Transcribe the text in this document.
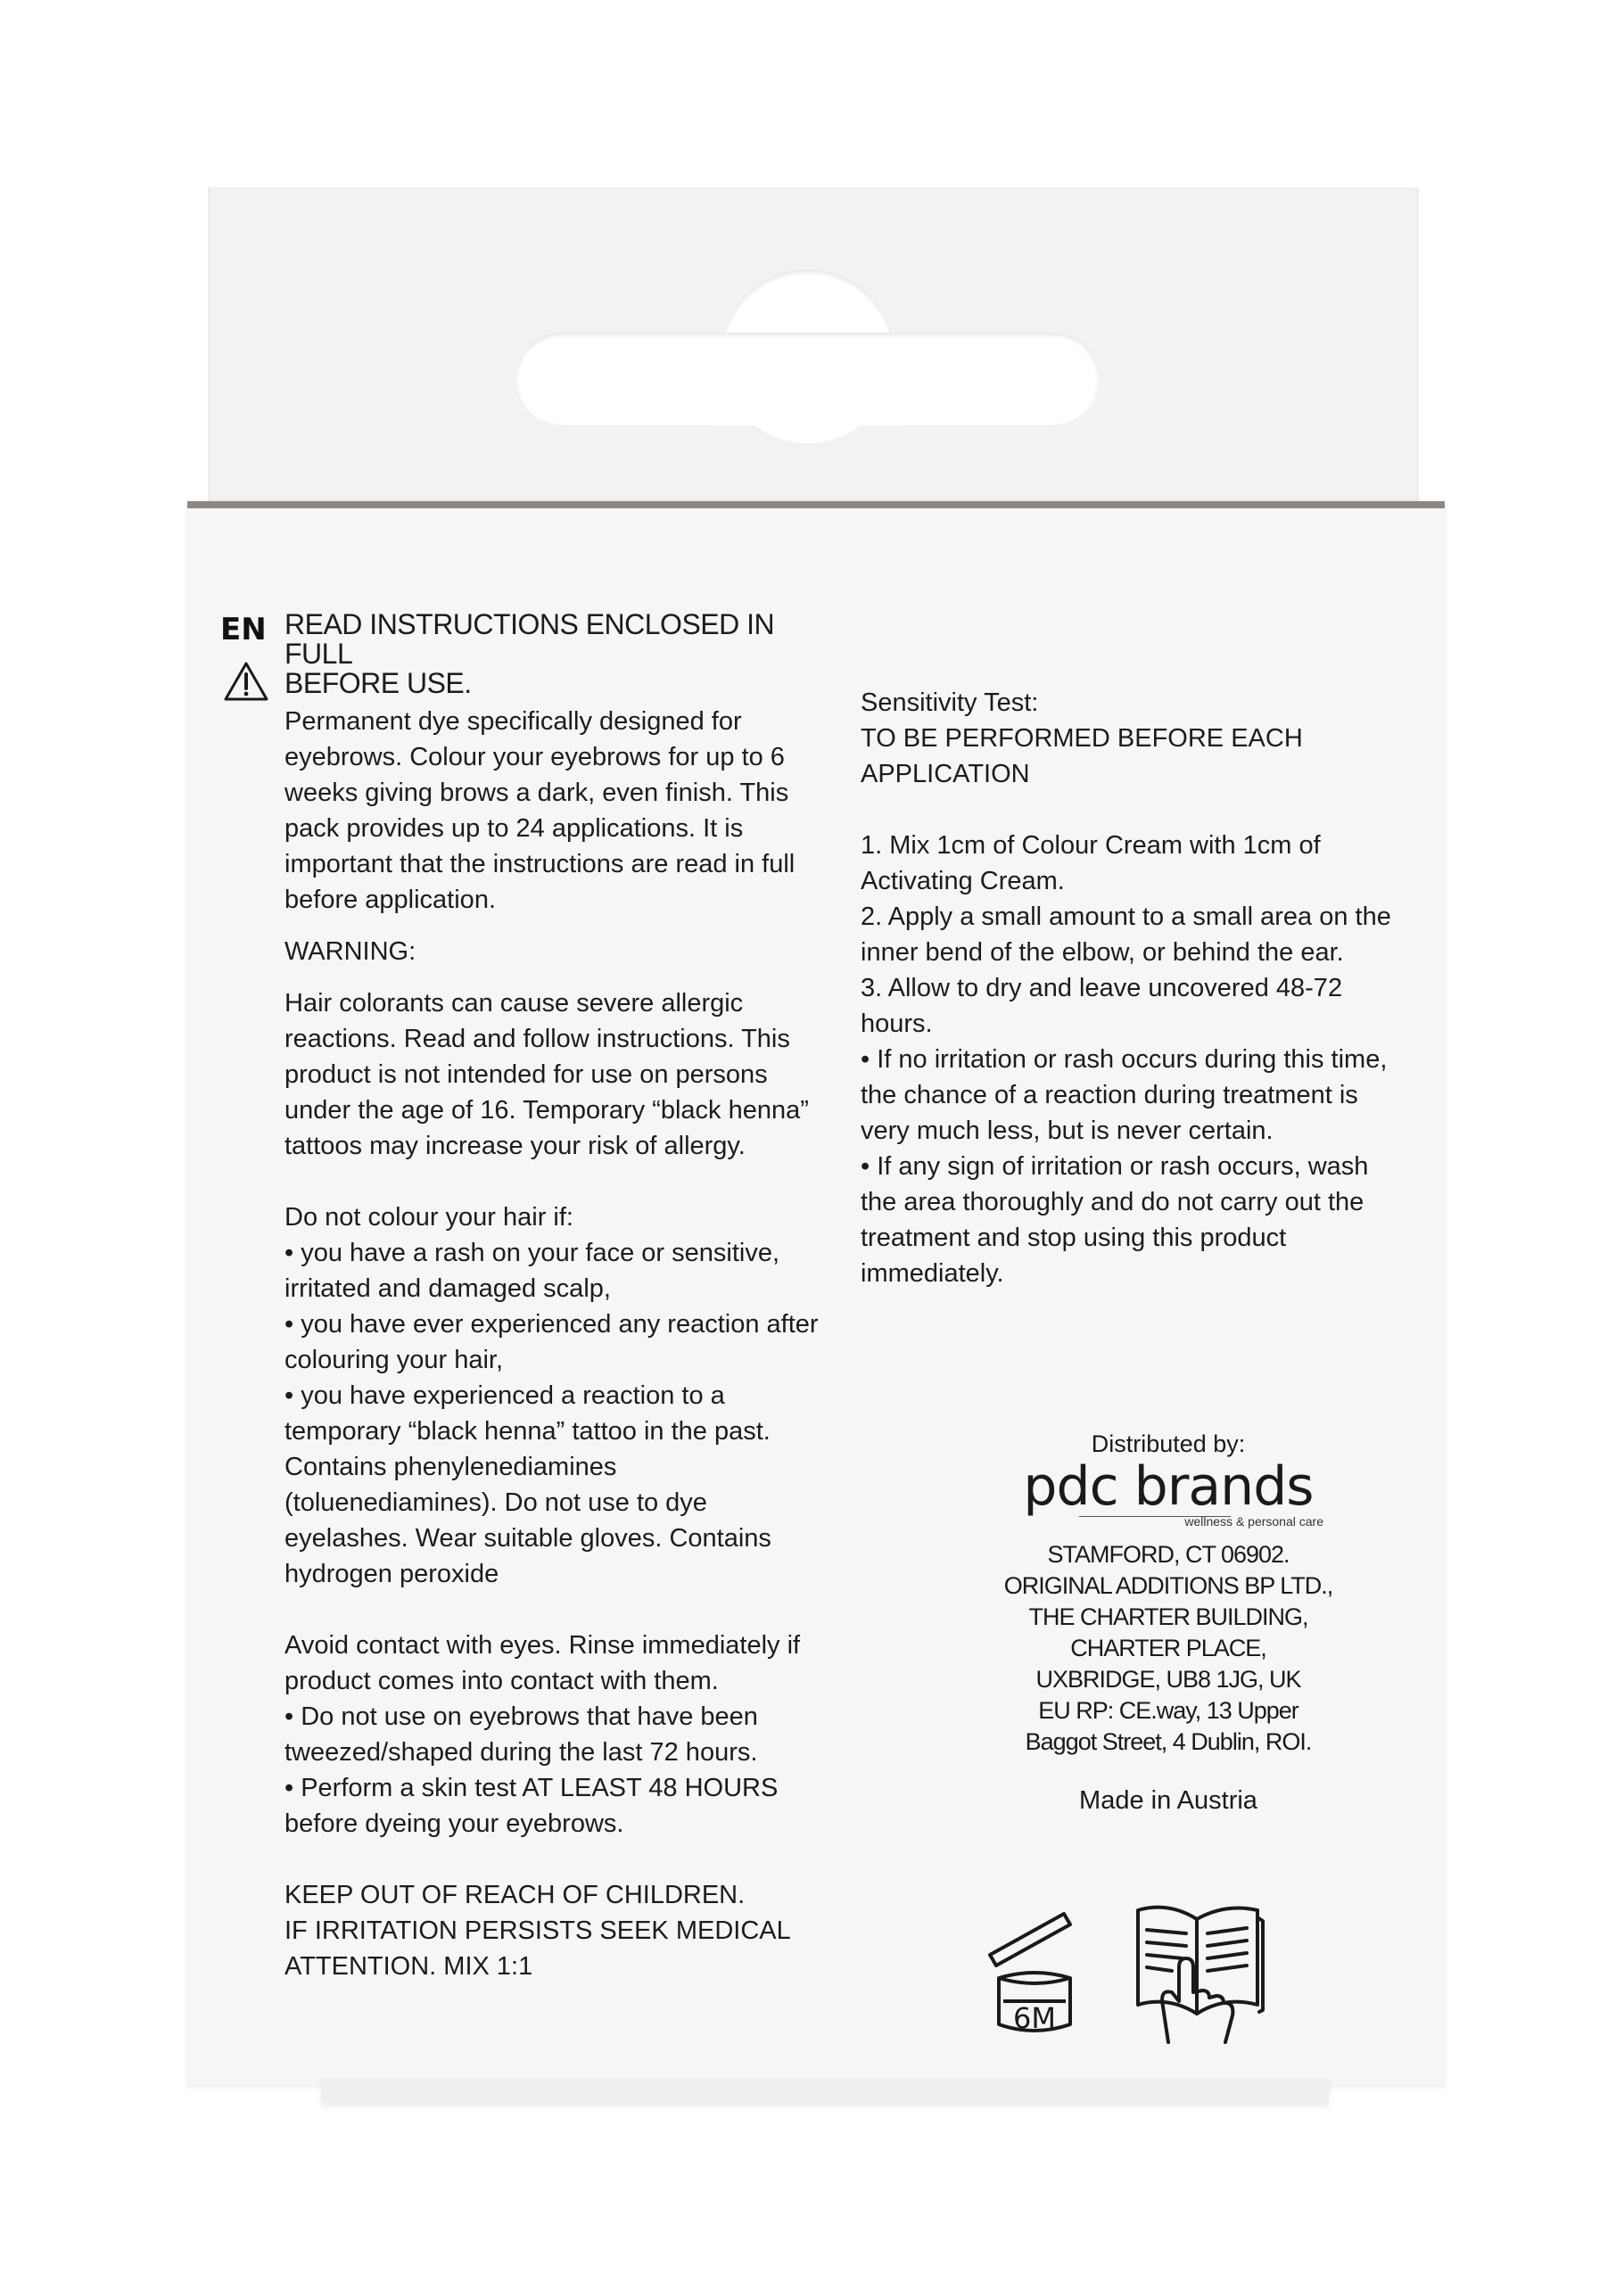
EN READ INSTRUCTIONS ENCLOSED IN FULL

BEFORE USE.

Permanent dye specifically designed for eyebrows. Colour your eyebrows for up to 6 weeks giving brows a dark, even finish. This pack provides up to 24 applications. It is important that the instructions are read in full before application.

WARNING:

Hair colorants can cause severe allergic reactions. Read and follow instructions. This product is not intended for use on persons under the age of 16. Temporary “black henna” tattoos may increase your risk of allergy.

Do not colour your hair if:

• you have a rash on your face or sensitive, irritated and damaged scalp,

• you have ever experienced any reaction after colouring your hair,

• you have experienced a reaction to a temporary “black henna” tattoo in the past.

Contains phenylenediamines (toluenediamines). Do not use to dye eyelashes. Wear suitable gloves. Contains hydrogen peroxide

Avoid contact with eyes. Rinse immediately if product comes into contact with them.

• Do not use on eyebrows that have been tweezed/shaped during the last 72 hours.

• Perform a skin test AT LEAST 48 HOURS before dyeing your eyebrows.

KEEP OUT OF REACH OF CHILDREN.

IF IRRITATION PERSISTS SEEK MEDICAL ATTENTION. MIX 1:1

Sensitivity Test:

TO BE PERFORMED BEFORE EACH APPLICATION

1. Mix 1cm of Colour Cream with 1cm of Activating Cream.

2. Apply a small amount to a small area on the inner bend of the elbow, or behind the ear.

3. Allow to dry and leave uncovered 48-72 hours.

• If no irritation or rash occurs during this time, the chance of a reaction during treatment is very much less, but is never certain.

• If any sign of irritation or rash occurs, wash the area thoroughly and do not carry out the treatment and stop using this product immediately.

Distributed by:
pdc brands
wellness & personal care
STAMFORD, CT 06902.
ORIGINAL ADDITIONS BP LTD.,
THE CHARTER BUILDING,
CHARTER PLACE,
UXBRIDGE, UB8 1JG, UK
EU RP: CE.way, 13 Upper
Baggot Street, 4 Dublin, ROI.
Made in Austria
6M
